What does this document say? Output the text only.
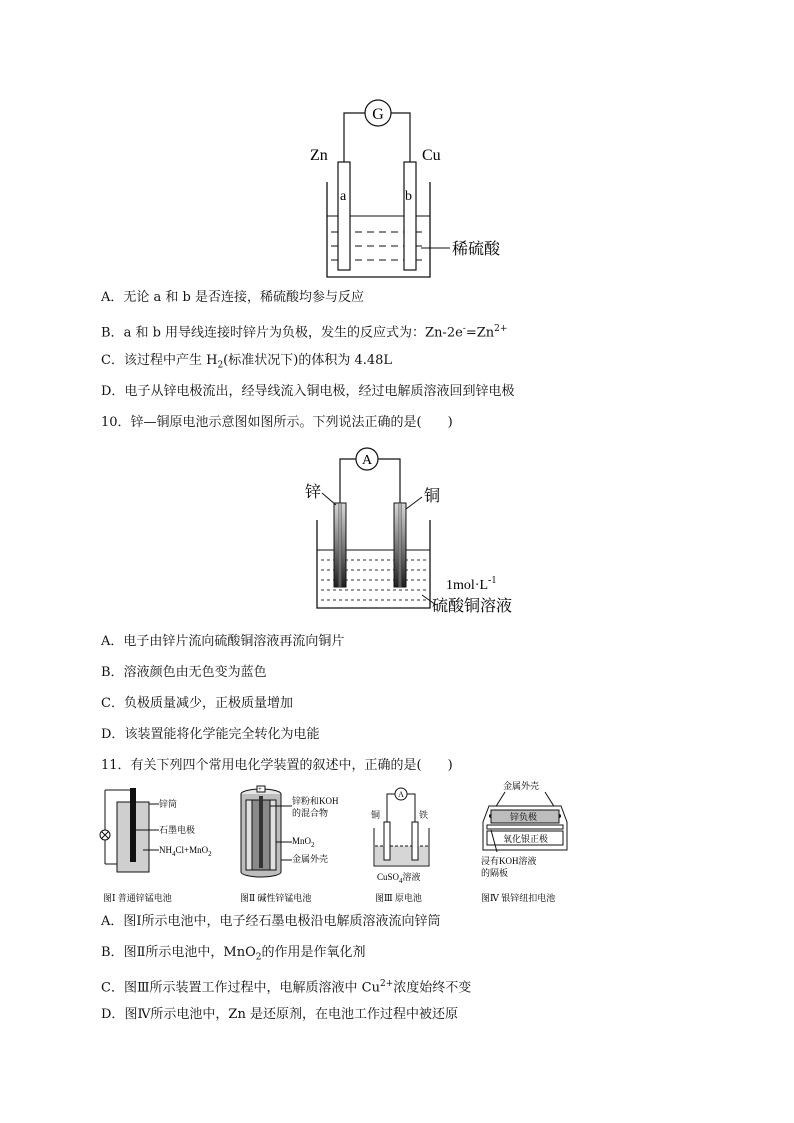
G
Zn	Cu
a	b
稀硫酸
A．无论 a 和 b 是否连接，稀硫酸均参与反应
B．a 和 b 用导线连接时锌片为负极，发生的反应式为：$Zn-2e^-=Zn^{2+}$
C．该过程中产生 $H_2$(标准状况下)的体积为 4.48L
D．电子从锌电极流出，经导线流入铜电极，经过电解质溶液回到锌电极
10．锌—铜原电池示意图如图所示。下列说法正确的是(　　)
A
锌	铜
$1mol\cdot L^{-1}$
硫酸铜溶液
A．电子由锌片流向硫酸铜溶液再流向铜片
B．溶液颜色由无色变为蓝色
C．负极质量减少，正极质量增加
D．该装置能将化学能完全转化为电能
11．有关下列四个常用电化学装置的叙述中，正确的是(　　)
锌筒
石墨电极
$NH_4Cl+MnO_2$
图Ⅰ 普通锌锰电池
+
锌粉和KOH
的混合物
MnO$_2$
金属外壳
图Ⅱ 碱性锌锰电池
A
铜	铁
CuSO$_4$溶液
图Ⅲ 原电池
金属外壳
锌负极
氧化银正极
浸有KOH溶液
的隔板
图Ⅳ 银锌纽扣电池
A．图Ⅰ所示电池中，电子经石墨电极沿电解质溶液流向锌筒
B．图Ⅱ所示电池中，MnO$_2$的作用是作氧化剂
C．图Ⅲ所示装置工作过程中，电解质溶液中 $Cu^{2+}$浓度始终不变
D．图Ⅳ所示电池中，Zn 是还原剂，在电池工作过程中被还原
